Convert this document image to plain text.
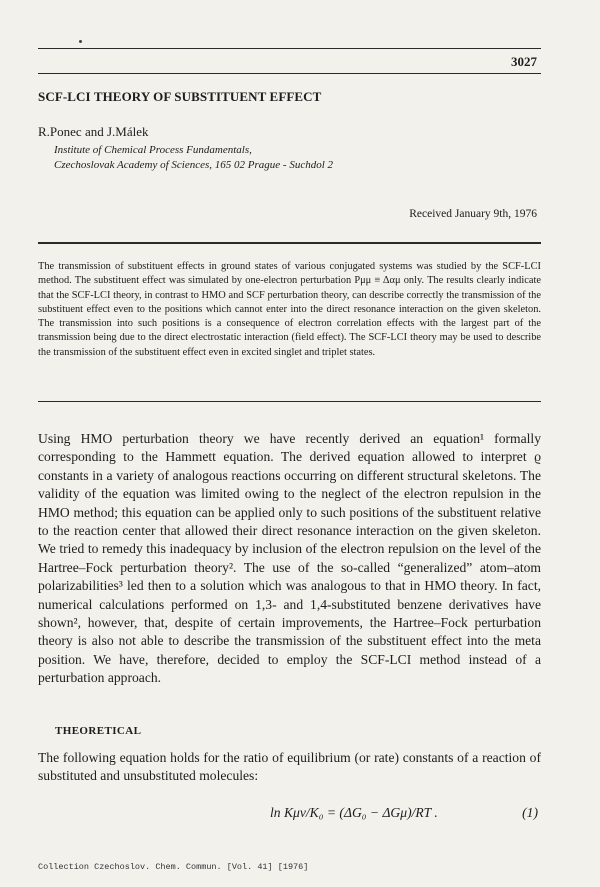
3027
SCF-LCI THEORY OF SUBSTITUENT EFFECT
R.Ponec and J.Málek
Institute of Chemical Process Fundamentals,
Czechoslovak Academy of Sciences, 165 02 Prague - Suchdol 2
Received January 9th, 1976
The transmission of substituent effects in ground states of various conjugated systems was studied by the SCF-LCI method. The substituent effect was simulated by one-electron perturbation Pμμ ≡ Δαμ only. The results clearly indicate that the SCF-LCI theory, in contrast to HMO and SCF perturbation theory, can describe correctly the transmission of the substituent effect even to the positions which cannot enter into the direct resonance interaction on the given skeleton. The transmission into such positions is a consequence of electron correlation effects with the largest part of the transmission being due to the direct electrostatic interaction (field effect). The SCF-LCI theory may be used to describe the transmission of the substituent effect even in excited singlet and triplet states.

Using HMO perturbation theory we have recently derived an equation¹ formally corresponding to the Hammett equation. The derived equation allowed to interpret ϱ constants in a variety of analogous reactions occurring on different structural skeletons. The validity of the equation was limited owing to the neglect of the electron repulsion in the HMO method; this equation can be applied only to such positions of the substituent relative to the reaction center that allowed their direct resonance interaction on the given skeleton. We tried to remedy this inadequacy by inclusion of the electron repulsion on the level of the Hartree–Fock perturbation theory². The use of the so-called “generalized” atom–atom polarizabilities³ led then to a solution which was analogous to that in HMO theory. In fact, numerical calculations performed on 1,3- and 1,4-substituted benzene derivatives have shown², however, that, despite of certain improvements, the Hartree–Fock perturbation theory is also not able to describe the transmission of the substituent effect into the meta position. We have, therefore, decided to employ the SCF-LCI method instead of a perturbation approach.

THEORETICAL

The following equation holds for the ratio of equilibrium (or rate) constants of a reaction of substituted and unsubstituted molecules:

ln Kμν/K₀ = (ΔG₀ − ΔGμ)/RT .	(1)
Collection Czechoslov. Chem. Commun. [Vol. 41] [1976]
